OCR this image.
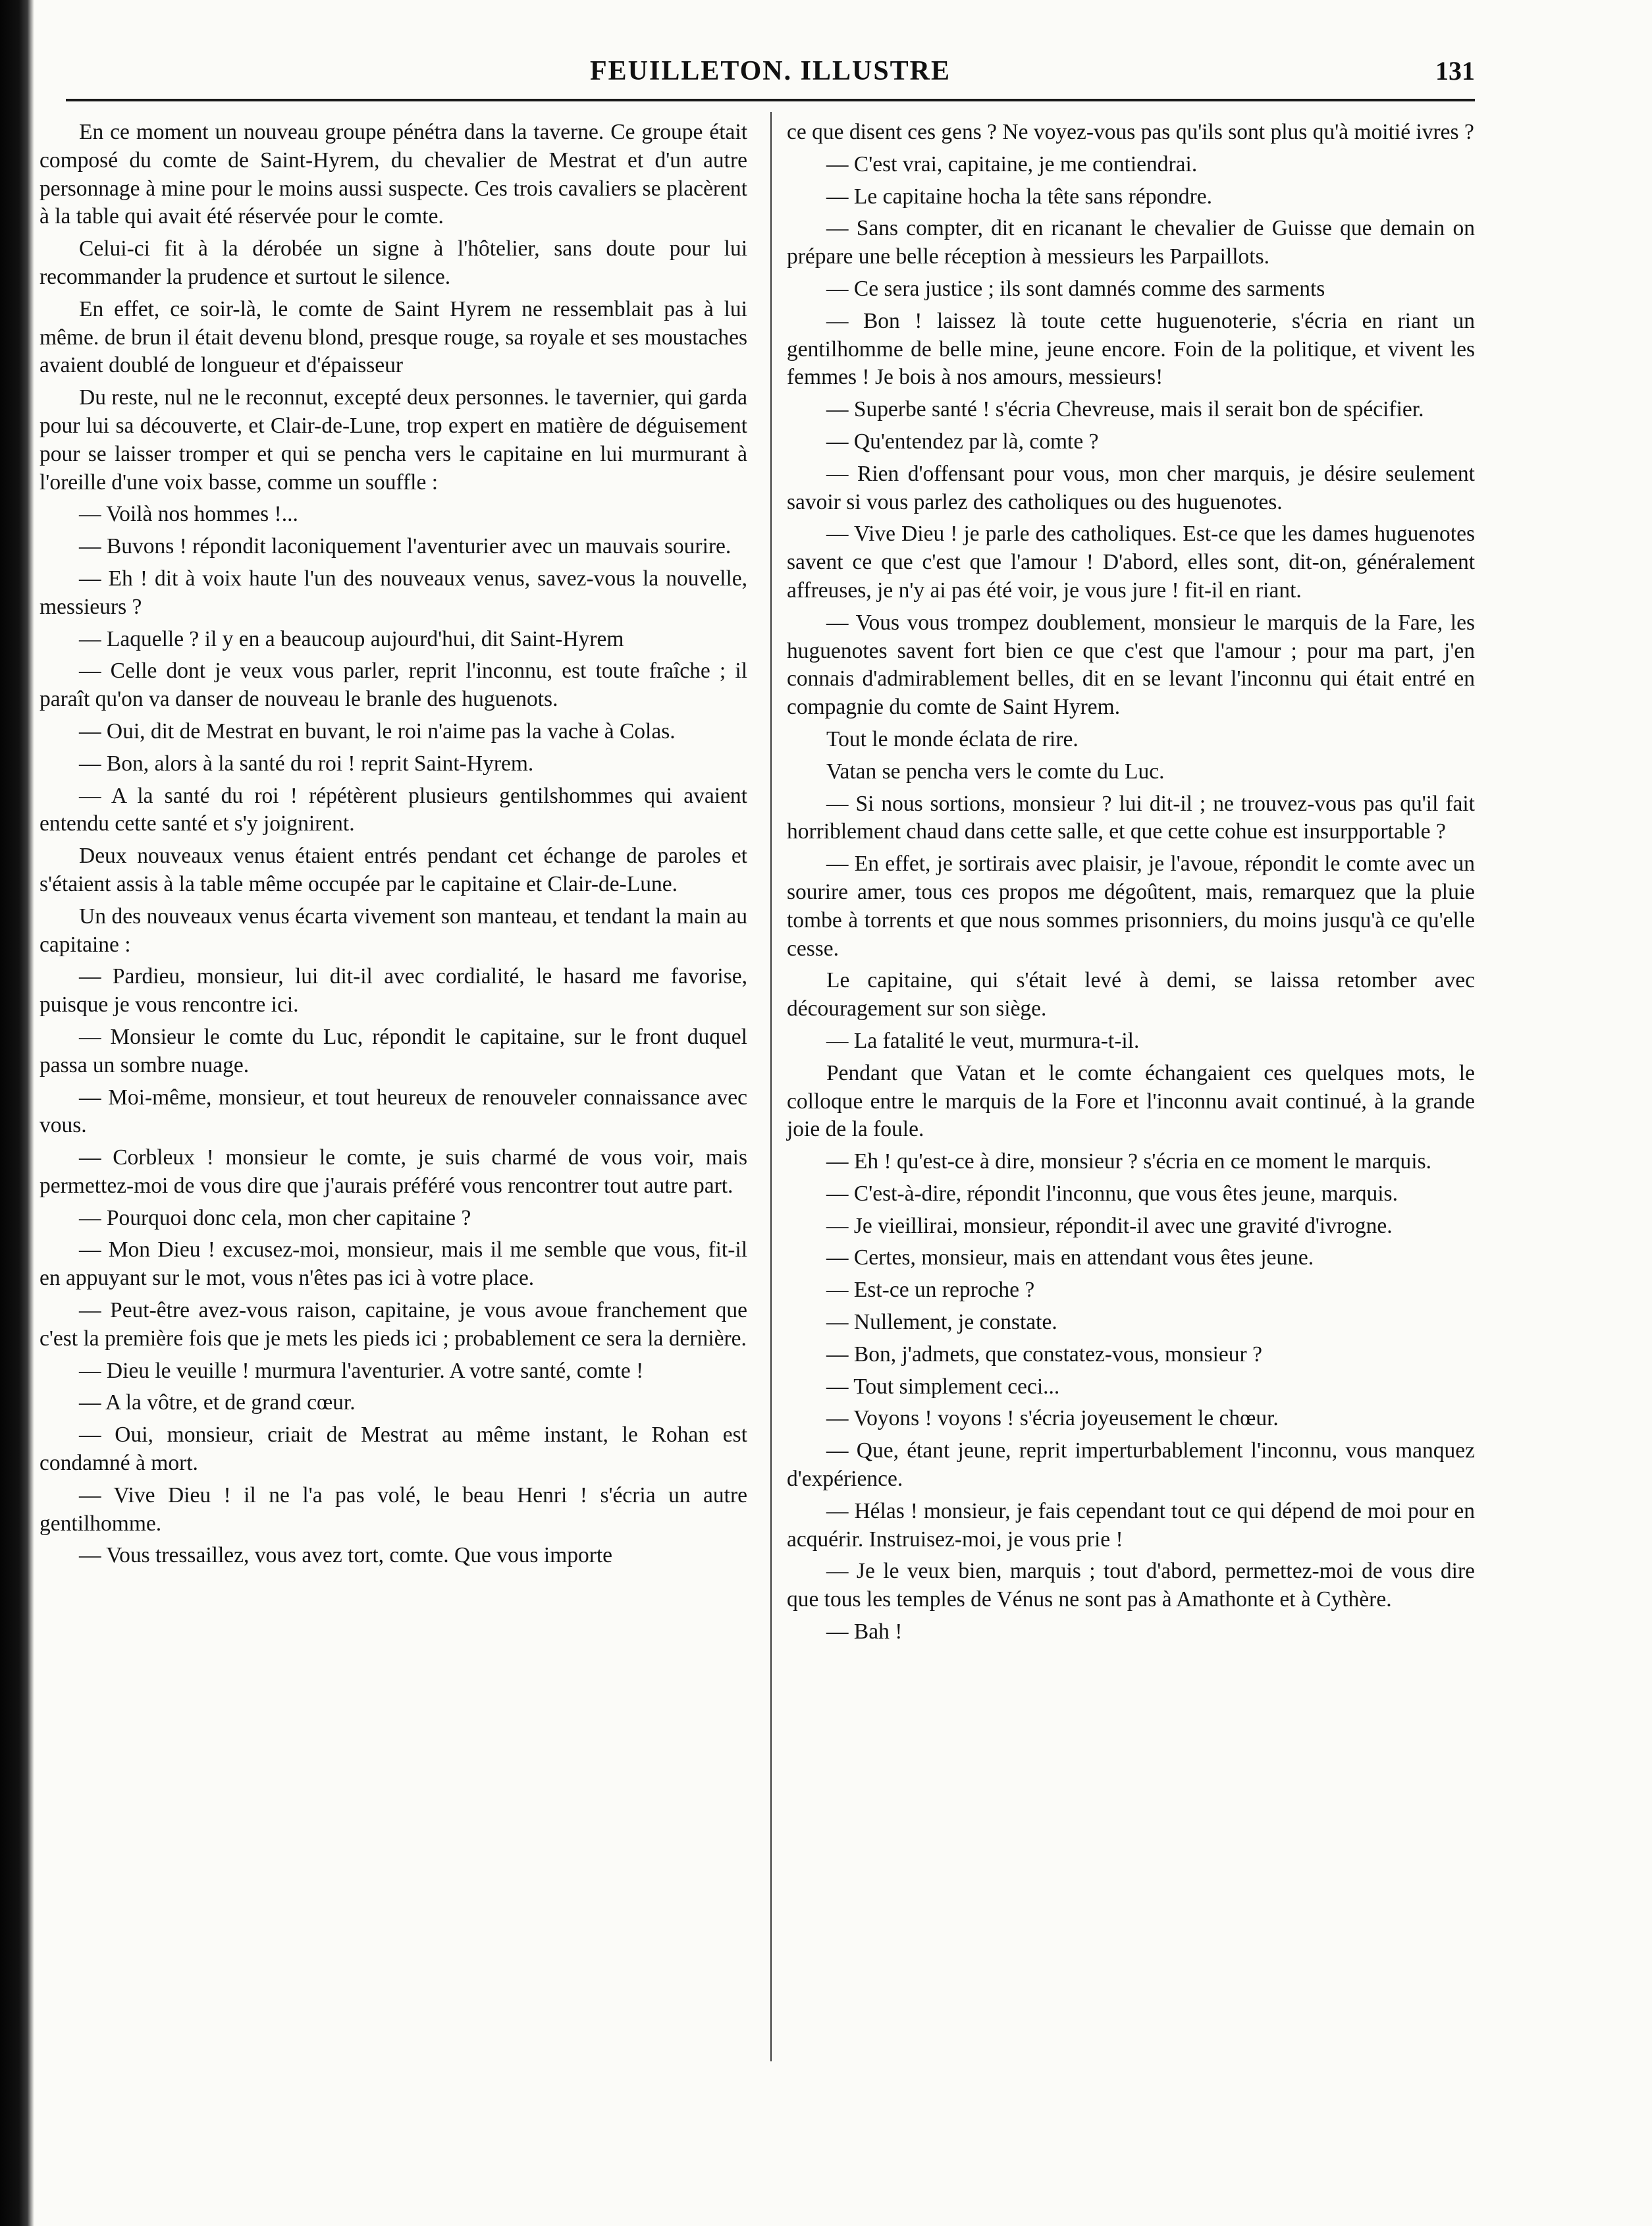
FEUILLETON. ILLUSTRE	131

En ce moment un nouveau groupe pénétra dans la taverne. Ce groupe était composé du comte de Saint-Hyrem, du chevalier de Mestrat et d'un autre personnage à mine pour le moins aussi suspecte. Ces trois cavaliers se placèrent à la table qui avait été réservée pour le comte.

Celui-ci fit à la dérobée un signe à l'hôtelier, sans doute pour lui recommander la prudence et surtout le silence.

En effet, ce soir-là, le comte de Saint Hyrem ne ressemblait pas à lui même. de brun il était devenu blond, presque rouge, sa royale et ses moustaches avaient doublé de longueur et d'épaisseur

Du reste, nul ne le reconnut, excepté deux personnes. le tavernier, qui garda pour lui sa découverte, et Clair-de-Lune, trop expert en matière de déguisement pour se laisser tromper et qui se pencha vers le capitaine en lui murmurant à l'oreille d'une voix basse, comme un souffle :

— Voilà nos hommes !...

— Buvons ! répondit laconiquement l'aventurier avec un mauvais sourire.

— Eh ! dit à voix haute l'un des nouveaux venus, savez-vous la nouvelle, messieurs ?

— Laquelle ? il y en a beaucoup aujourd'hui, dit Saint-Hyrem

— Celle dont je veux vous parler, reprit l'inconnu, est toute fraîche ; il paraît qu'on va danser de nouveau le branle des huguenots.

— Oui, dit de Mestrat en buvant, le roi n'aime pas la vache à Colas.

— Bon, alors à la santé du roi ! reprit Saint-Hyrem.

— A la santé du roi ! répétèrent plusieurs gentilshommes qui avaient entendu cette santé et s'y joignirent.

Deux nouveaux venus étaient entrés pendant cet échange de paroles et s'étaient assis à la table même occupée par le capitaine et Clair-de-Lune.

Un des nouveaux venus écarta vivement son manteau, et tendant la main au capitaine :

— Pardieu, monsieur, lui dit-il avec cordialité, le hasard me favorise, puisque je vous rencontre ici.

— Monsieur le comte du Luc, répondit le capitaine, sur le front duquel passa un sombre nuage.

— Moi-même, monsieur, et tout heureux de renouveler connaissance avec vous.

— Corbleux ! monsieur le comte, je suis charmé de vous voir, mais permettez-moi de vous dire que j'aurais préféré vous rencontrer tout autre part.

— Pourquoi donc cela, mon cher capitaine ?

— Mon Dieu ! excusez-moi, monsieur, mais il me semble que vous, fit-il en appuyant sur le mot, vous n'êtes pas ici à votre place.

— Peut-être avez-vous raison, capitaine, je vous avoue franchement que c'est la première fois que je mets les pieds ici ; probablement ce sera la dernière.

— Dieu le veuille ! murmura l'aventurier. A votre santé, comte !

— A la vôtre, et de grand cœur.

— Oui, monsieur, criait de Mestrat au même instant, le Rohan est condamné à mort.

— Vive Dieu ! il ne l'a pas volé, le beau Henri ! s'écria un autre gentilhomme.

— Vous tressaillez, vous avez tort, comte. Que vous importe

ce que disent ces gens ? Ne voyez-vous pas qu'ils sont plus qu'à moitié ivres ?

— C'est vrai, capitaine, je me contiendrai.

— Le capitaine hocha la tête sans répondre.

— Sans compter, dit en ricanant le chevalier de Guisse que demain on prépare une belle réception à messieurs les Parpaillots.

— Ce sera justice ; ils sont damnés comme des sarments

— Bon ! laissez là toute cette huguenoterie, s'écria en riant un gentilhomme de belle mine, jeune encore. Foin de la politique, et vivent les femmes ! Je bois à nos amours, messieurs!

— Superbe santé ! s'écria Chevreuse, mais il serait bon de spécifier.

— Qu'entendez par là, comte ?

— Rien d'offensant pour vous, mon cher marquis, je désire seulement savoir si vous parlez des catholiques ou des huguenotes.

— Vive Dieu ! je parle des catholiques. Est-ce que les dames huguenotes savent ce que c'est que l'amour ! D'abord, elles sont, dit-on, généralement affreuses, je n'y ai pas été voir, je vous jure ! fit-il en riant.

— Vous vous trompez doublement, monsieur le marquis de la Fare, les huguenotes savent fort bien ce que c'est que l'amour ; pour ma part, j'en connais d'admirablement belles, dit en se levant l'inconnu qui était entré en compagnie du comte de Saint Hyrem.

Tout le monde éclata de rire.

Vatan se pencha vers le comte du Luc.

— Si nous sortions, monsieur ? lui dit-il ; ne trouvez-vous pas qu'il fait horriblement chaud dans cette salle, et que cette cohue est insurpportable ?

— En effet, je sortirais avec plaisir, je l'avoue, répondit le comte avec un sourire amer, tous ces propos me dégoûtent, mais, remarquez que la pluie tombe à torrents et que nous sommes prisonniers, du moins jusqu'à ce qu'elle cesse.

Le capitaine, qui s'était levé à demi, se laissa retomber avec découragement sur son siège.

— La fatalité le veut, murmura-t-il.

Pendant que Vatan et le comte échangaient ces quelques mots, le colloque entre le marquis de la Fore et l'inconnu avait continué, à la grande joie de la foule.

— Eh ! qu'est-ce à dire, monsieur ? s'écria en ce moment le marquis.

— C'est-à-dire, répondit l'inconnu, que vous êtes jeune, marquis.

— Je vieillirai, monsieur, répondit-il avec une gravité d'ivrogne.

— Certes, monsieur, mais en attendant vous êtes jeune.

— Est-ce un reproche ?

— Nullement, je constate.

— Bon, j'admets, que constatez-vous, monsieur ?

— Tout simplement ceci...

— Voyons ! voyons ! s'écria joyeusement le chœur.

— Que, étant jeune, reprit imperturbablement l'inconnu, vous manquez d'expérience.

— Hélas ! monsieur, je fais cependant tout ce qui dépend de moi pour en acquérir. Instruisez-moi, je vous prie !

— Je le veux bien, marquis ; tout d'abord, permettez-moi de vous dire que tous les temples de Vénus ne sont pas à Amathonte et à Cythère.

— Bah !
